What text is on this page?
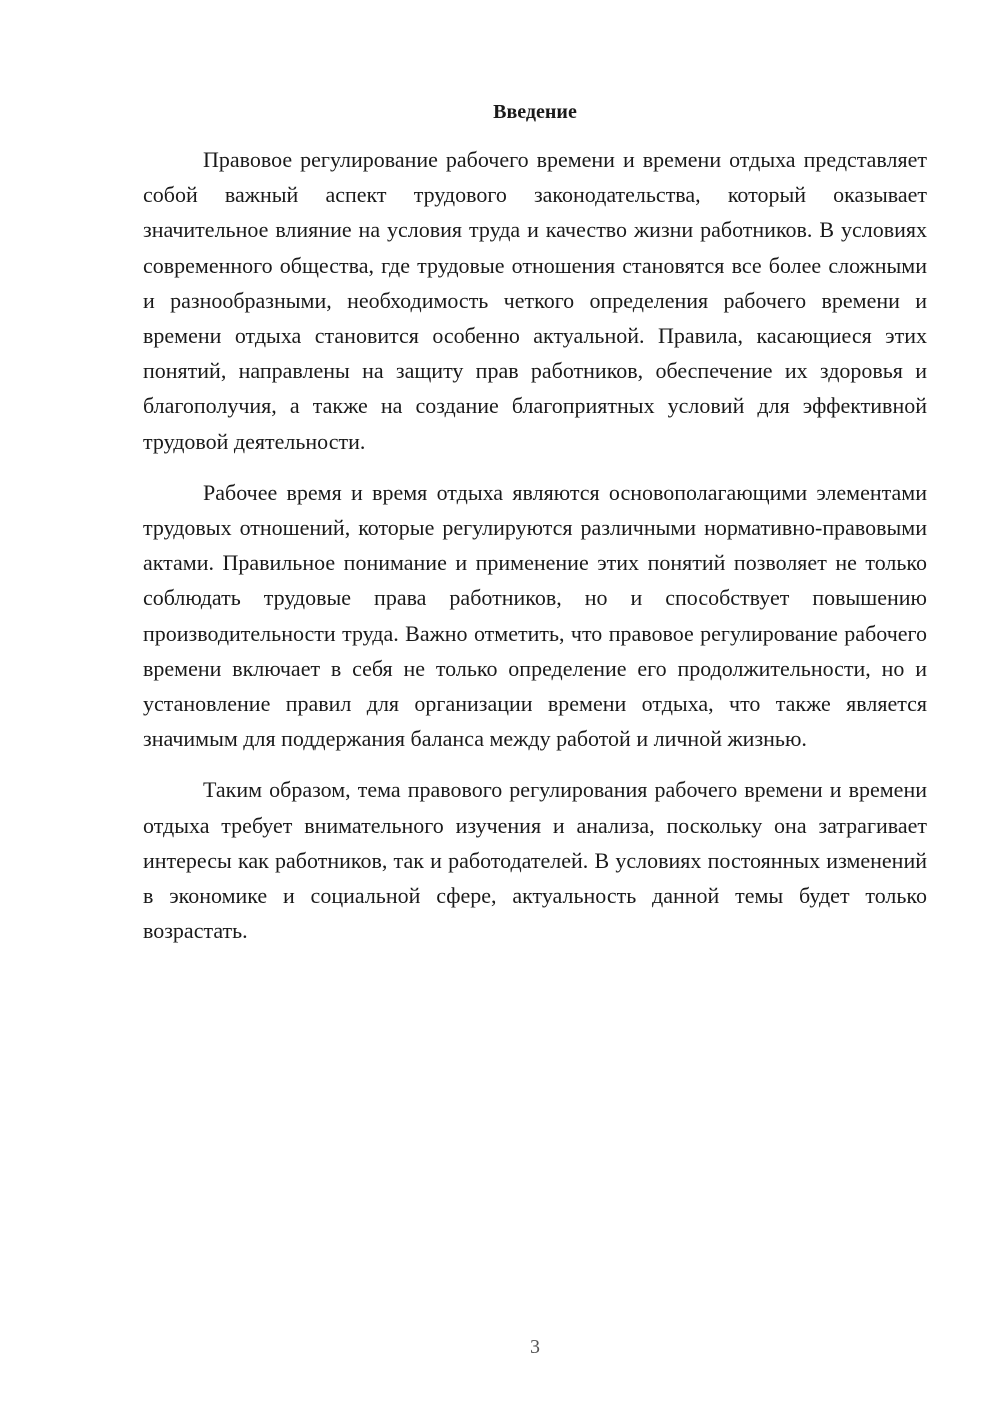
Введение

Правовое регулирование рабочего времени и времени отдыха представляет собой важный аспект трудового законодательства, который оказывает значительное влияние на условия труда и качество жизни работников. В условиях современного общества, где трудовые отношения становятся все более сложными и разнообразными, необходимость четкого определения рабочего времени и времени отдыха становится особенно актуальной. Правила, касающиеся этих понятий, направлены на защиту прав работников, обеспечение их здоровья и благополучия, а также на создание благоприятных условий для эффективной трудовой деятельности.

Рабочее время и время отдыха являются основополагающими элементами трудовых отношений, которые регулируются различными нормативно-правовыми актами. Правильное понимание и применение этих понятий позволяет не только соблюдать трудовые права работников, но и способствует повышению производительности труда. Важно отметить, что правовое регулирование рабочего времени включает в себя не только определение его продолжительности, но и установление правил для организации времени отдыха, что также является значимым для поддержания баланса между работой и личной жизнью.

Таким образом, тема правового регулирования рабочего времени и времени отдыха требует внимательного изучения и анализа, поскольку она затрагивает интересы как работников, так и работодателей. В условиях постоянных изменений в экономике и социальной сфере, актуальность данной темы будет только возрастать.

3
